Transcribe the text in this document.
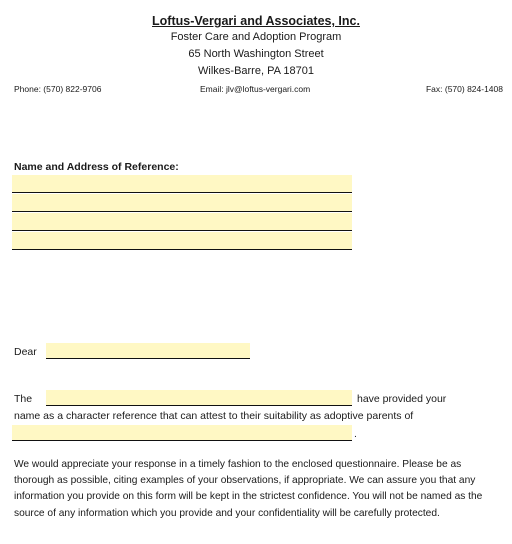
Loftus-Vergari and Associates, Inc.
Foster Care and Adoption Program
65 North Washington Street
Wilkes-Barre, PA 18701
Phone: (570) 822-9706	Email: jlv@loftus-vergari.com	Fax: (570) 824-1408
Name and Address of Reference:
Dear
The	have provided your
name as a character reference that can attest to their suitability as adoptive parents of
.
We would appreciate your response in a timely fashion to the enclosed questionnaire. Please be as thorough as possible, citing examples of your observations, if appropriate. We can assure you that any information you provide on this form will be kept in the strictest confidence. You will not be named as the source of any information which you provide and your confidentiality will be carefully protected.
